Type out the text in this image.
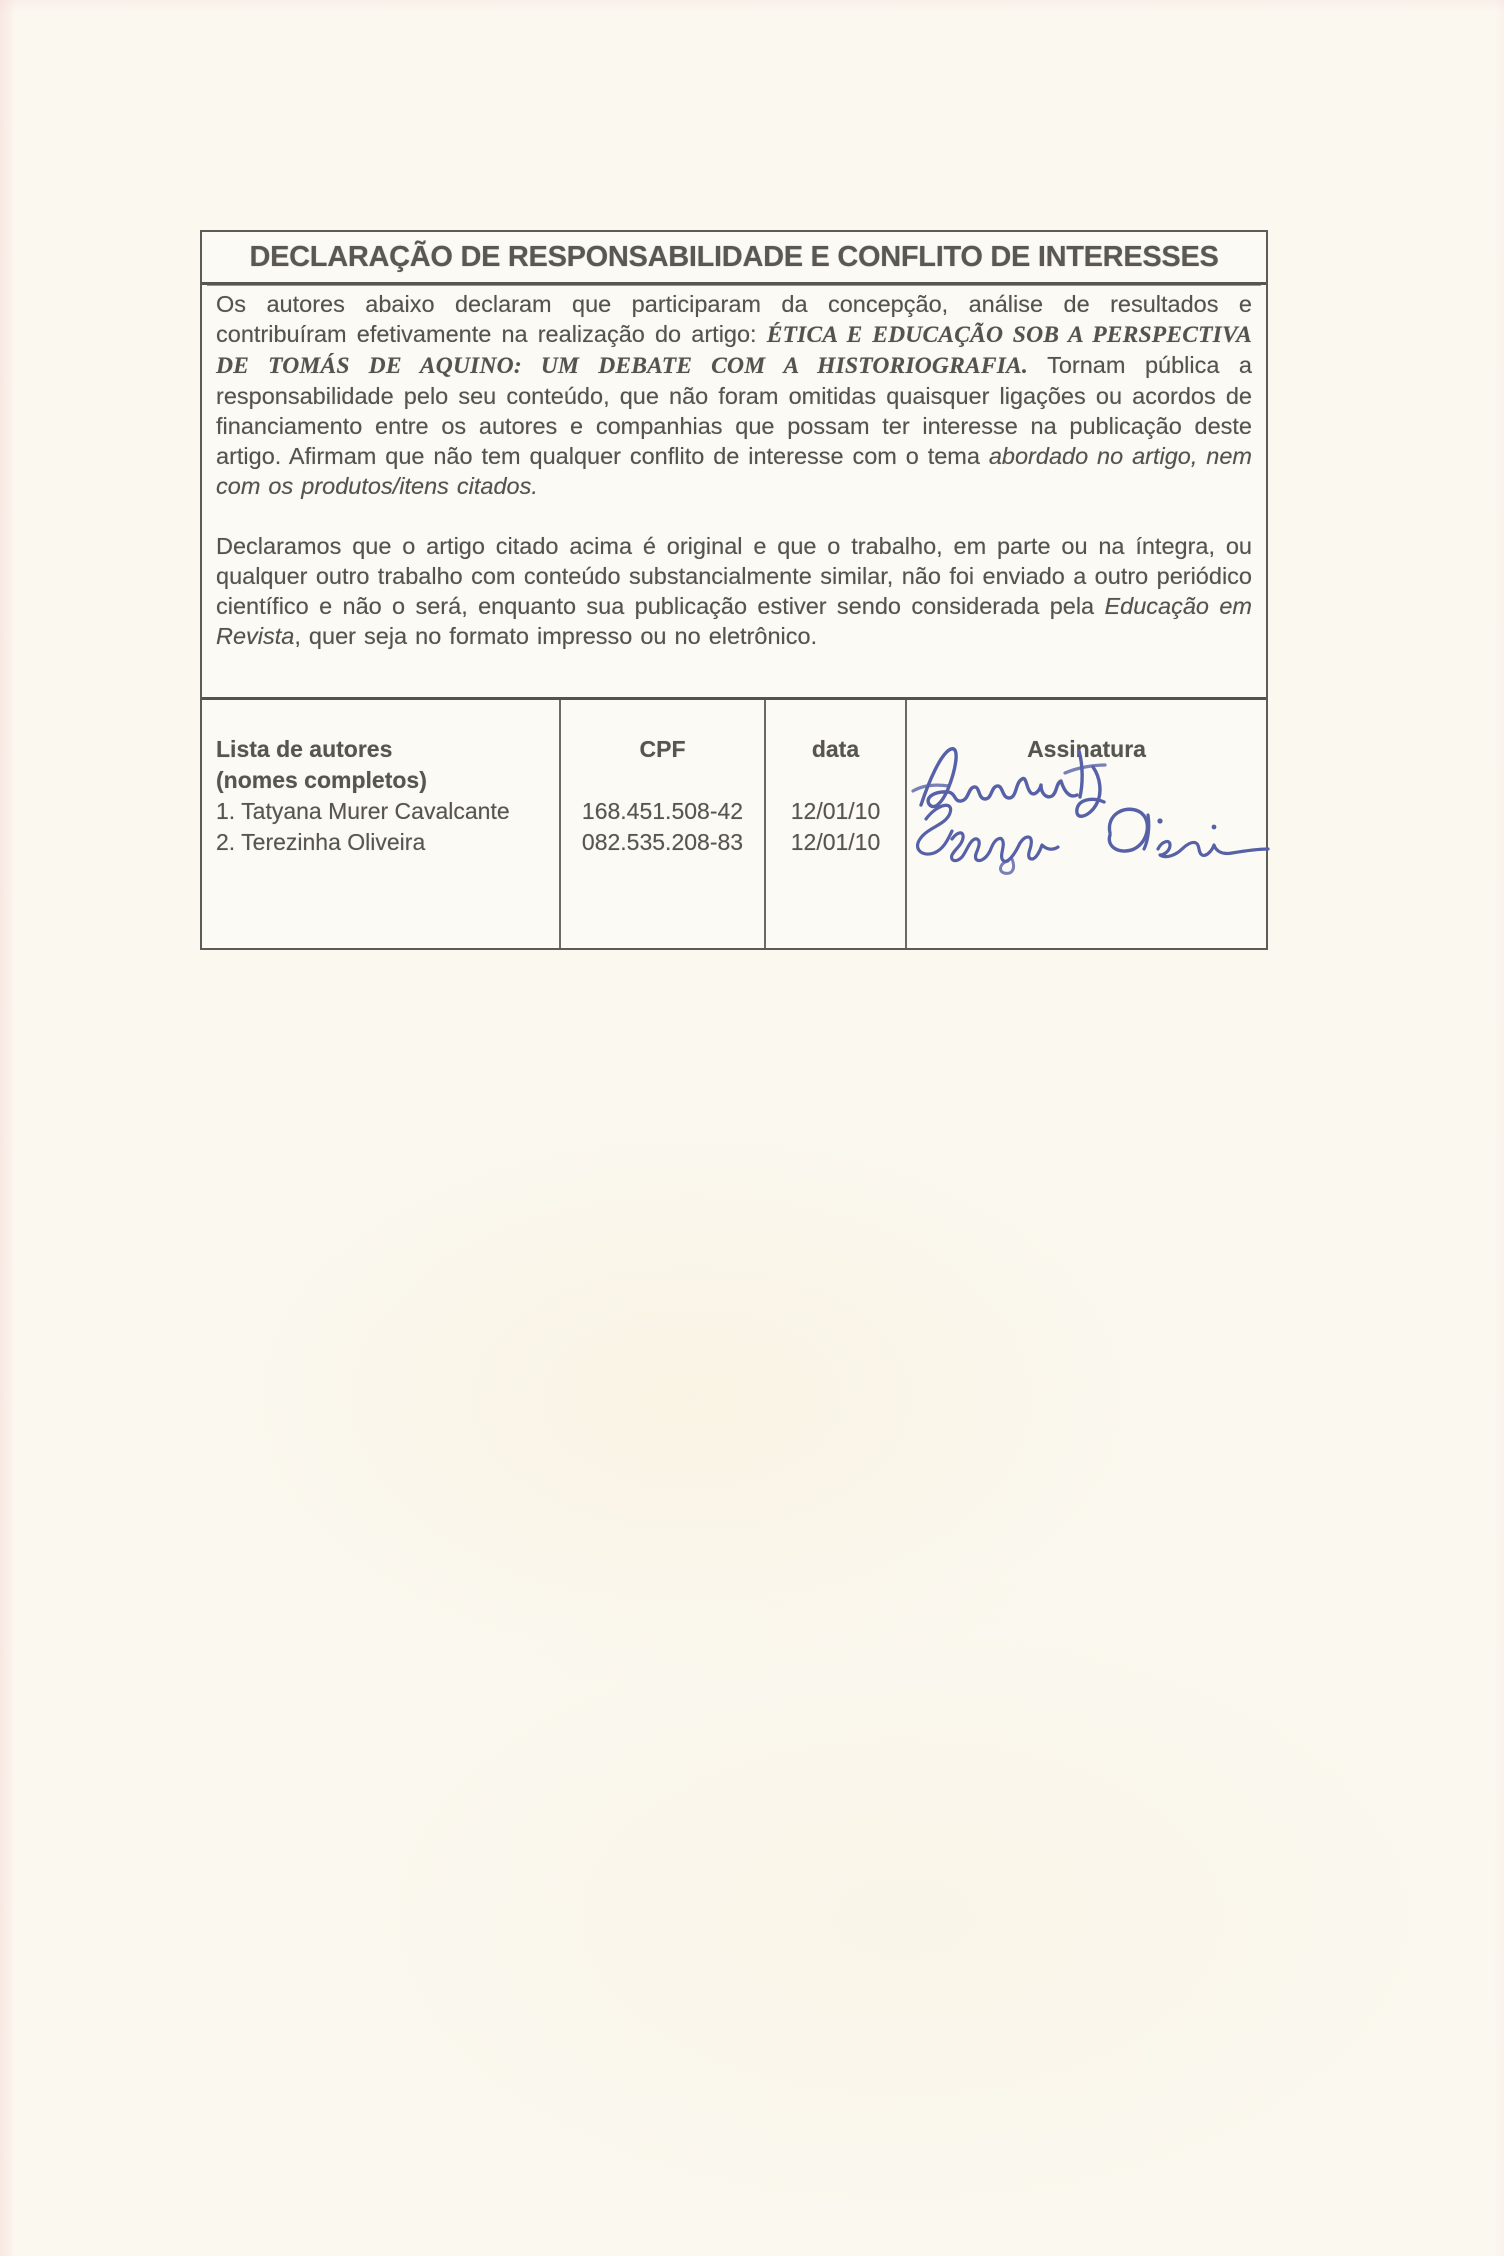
DECLARAÇÃO DE RESPONSABILIDADE E CONFLITO DE INTERESSES

Os autores abaixo declaram que participaram da concepção, análise de resultados e contribuíram efetivamente na realização do artigo: ÉTICA E EDUCAÇÃO SOB A PERSPECTIVA DE TOMÁS DE AQUINO: UM DEBATE COM A HISTORIOGRAFIA. Tornam pública a responsabilidade pelo seu conteúdo, que não foram omitidas quaisquer ligações ou acordos de financiamento entre os autores e companhias que possam ter interesse na publicação deste artigo. Afirmam que não tem qualquer conflito de interesse com o tema abordado no artigo, nem com os produtos/itens citados.

Declaramos que o artigo citado acima é original e que o trabalho, em parte ou na íntegra, ou qualquer outro trabalho com conteúdo substancialmente similar, não foi enviado a outro periódico científico e não o será, enquanto sua publicação estiver sendo considerada pela Educação em Revista, quer seja no formato impresso ou no eletrônico.

Lista de autores
(nomes completos)
1. Tatyana Murer Cavalcante
2. Terezinha Oliveira
CPF
168.451.508-42
082.535.208-83
data
12/01/10
12/01/10
Assinatura
